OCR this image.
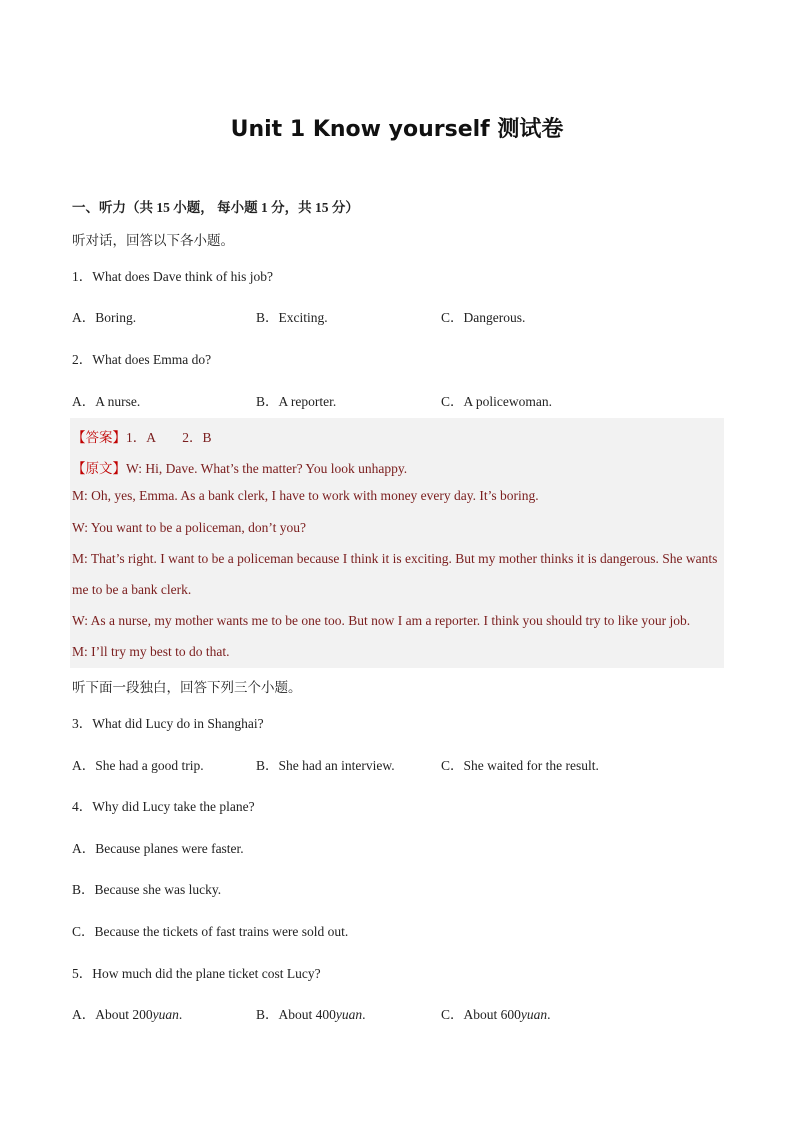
Unit 1 Know yourself 测试卷
一、听力（共 15 小题， 每小题 1 分，共 15 分）
听对话，回答以下各小题。
1．What does Dave think of his job?
A．Boring.	B．Exciting.	C．Dangerous.
2．What does Emma do?
A．A nurse.	B．A reporter.	C．A policewoman.
【答案】1．A　　2．B
【原文】W: Hi, Dave. What’s the matter? You look unhappy.
M: Oh, yes, Emma. As a bank clerk, I have to work with money every day. It’s boring.
W: You want to be a policeman, don’t you?
M: That’s right. I want to be a policeman because I think it is exciting. But my mother thinks it is dangerous. She wants me to be a bank clerk.
W: As a nurse, my mother wants me to be one too. But now I am a reporter. I think you should try to like your job.
M: I’ll try my best to do that.
听下面一段独白，回答下列三个小题。
3．What did Lucy do in Shanghai?
A．She had a good trip.	B．She had an interview.	C．She waited for the result.
4．Why did Lucy take the plane?
A．Because planes were faster.
B．Because she was lucky.
C．Because the tickets of fast trains were sold out.
5．How much did the plane ticket cost Lucy?
A．About 200yuan.	B．About 400yuan.	C．About 600yuan.
